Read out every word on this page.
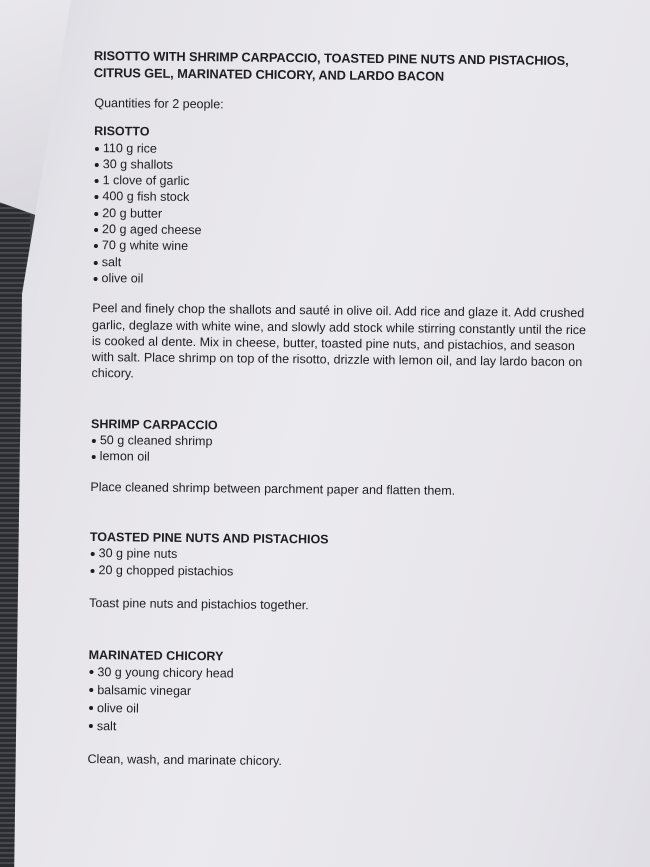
RISOTTO WITH SHRIMP CARPACCIO, TOASTED PINE NUTS AND PISTACHIOS,
CITRUS GEL, MARINATED CHICORY, AND LARDO BACON
Quantities for 2 people:
RISOTTO
110 g rice
30 g shallots
1 clove of garlic
400 g fish stock
20 g butter
20 g aged cheese
70 g white wine
salt
olive oil

Peel and finely chop the shallots and sauté in olive oil. Add rice and glaze it. Add crushed garlic, deglaze with white wine, and slowly add stock while stirring constantly until the rice is cooked al dente. Mix in cheese, butter, toasted pine nuts, and pistachios, and season with salt. Place shrimp on top of the risotto, drizzle with lemon oil, and lay lardo bacon on chicory.

SHRIMP CARPACCIO
50 g cleaned shrimp
lemon oil

Place cleaned shrimp between parchment paper and flatten them.

TOASTED PINE NUTS AND PISTACHIOS
30 g pine nuts
20 g chopped pistachios

Toast pine nuts and pistachios together.

MARINATED CHICORY
30 g young chicory head
balsamic vinegar
olive oil
salt

Clean, wash, and marinate chicory.
